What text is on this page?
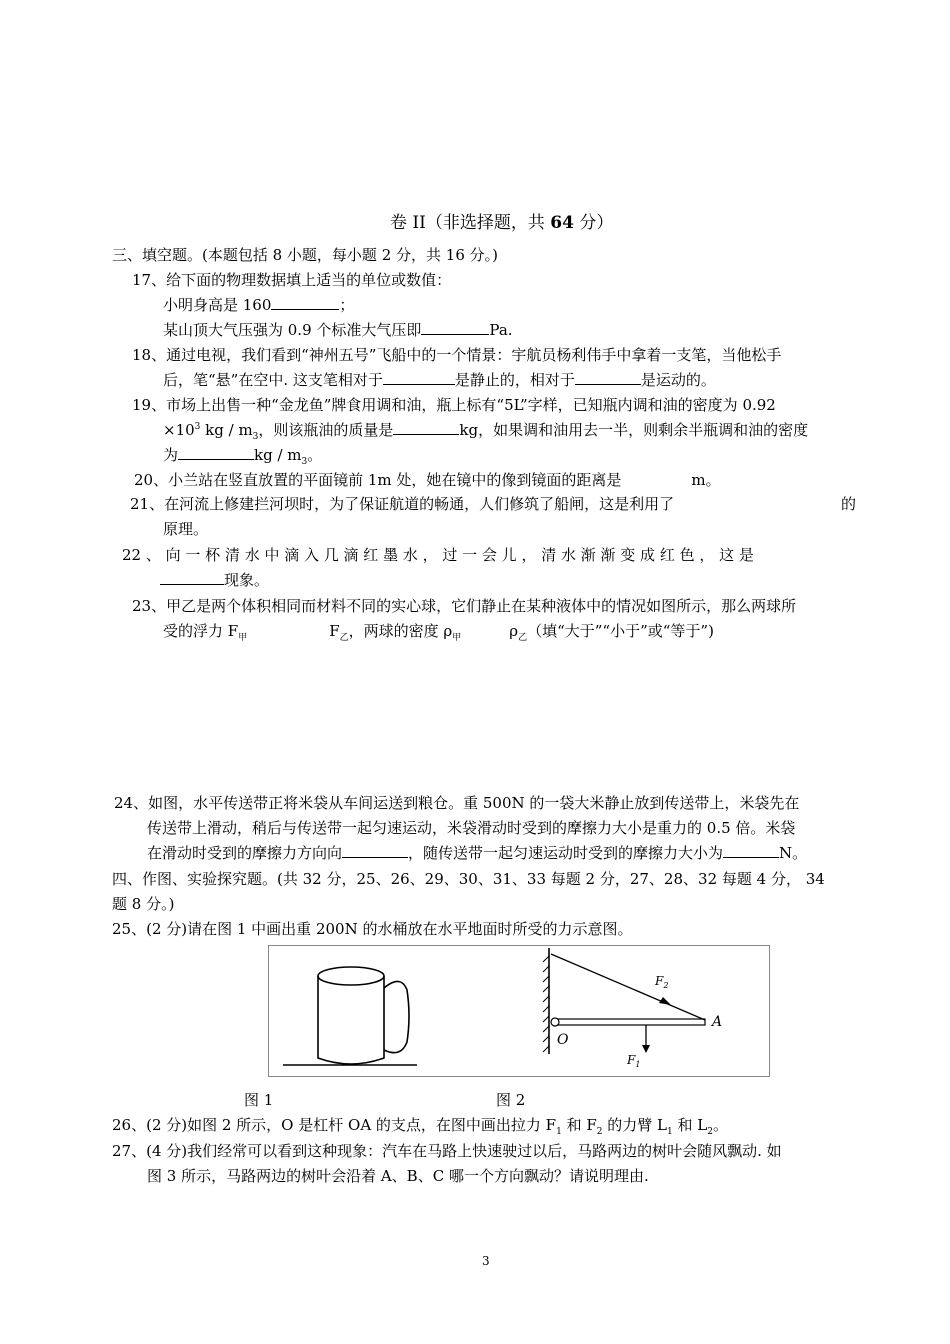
卷 II（非选择题，共 64 分）
三、填空题。(本题包括 8 小题，每小题 2 分，共 16 分。)
17、给下面的物理数据填上适当的单位或数值：
小明身高是 160	；
某山顶大气压强为 0.9 个标准大气压即	Pa.
18、通过电视，我们看到“神州五号”飞船中的一个情景：宇航员杨利伟手中拿着一支笔，当他松手
后，笔“悬”在空中. 这支笔相对于	是静止的，相对于	是运动的。
19、市场上出售一种“金龙鱼”牌食用调和油，瓶上标有“5L”字样，已知瓶内调和油的密度为 0.92
$\times 10^3$ kg / $m_3$，则该瓶油的质量是	kg，如果调和油用去一半，则剩余半瓶调和油的密度
为	kg / $m_3$。
20、小兰站在竖直放置的平面镜前 1m 处，她在镜中的像到镜面的距离是	m。
21、在河流上修建拦河坝时，为了保证航道的畅通，人们修筑了船闸，这是利用了	的
原理。
22 、 向 一 杯 清 水 中 滴 入 几 滴 红 墨 水 ， 过 一 会 儿 ， 清 水 渐 渐 变 成 红 色 ， 这 是
现象。
23、甲乙是两个体积相同而材料不同的实心球，它们静止在某种液体中的情况如图所示，那么两球所
受的浮力 $F_甲$	$F_乙$，两球的密度 $\rho_甲$	$\rho_乙$（填“大于”“小于”或“等于”)
24、如图，水平传送带正将米袋从车间运送到粮仓。重 500N 的一袋大米静止放到传送带上，米袋先在
传送带上滑动，稍后与传送带一起匀速运动，米袋滑动时受到的摩擦力大小是重力的 0.5 倍。米袋
在滑动时受到的摩擦力方向向	，随传送带一起匀速运动时受到的摩擦力大小为	N。
四、作图、实验探究题。(共 32 分，25、26、29、30、31、33 每题 2 分，27、28、32 每题 4 分， 34
题 8 分。)
25、(2 分)请在图 1 中画出重 200N 的水桶放在水平地面时所受的力示意图。
$F_2$
A
O
$F_1$
图 1	图 2
26、(2 分)如图 2 所示，O 是杠杆 OA 的支点，在图中画出拉力 $F_1$ 和 $F_2$ 的力臂 $L_1$ 和 $L_2$。
27、(4 分)我们经常可以看到这种现象：汽车在马路上快速驶过以后，马路两边的树叶会随风飘动. 如
图 3 所示，马路两边的树叶会沿着 A、B、C 哪一个方向飘动？请说明理由.
3
